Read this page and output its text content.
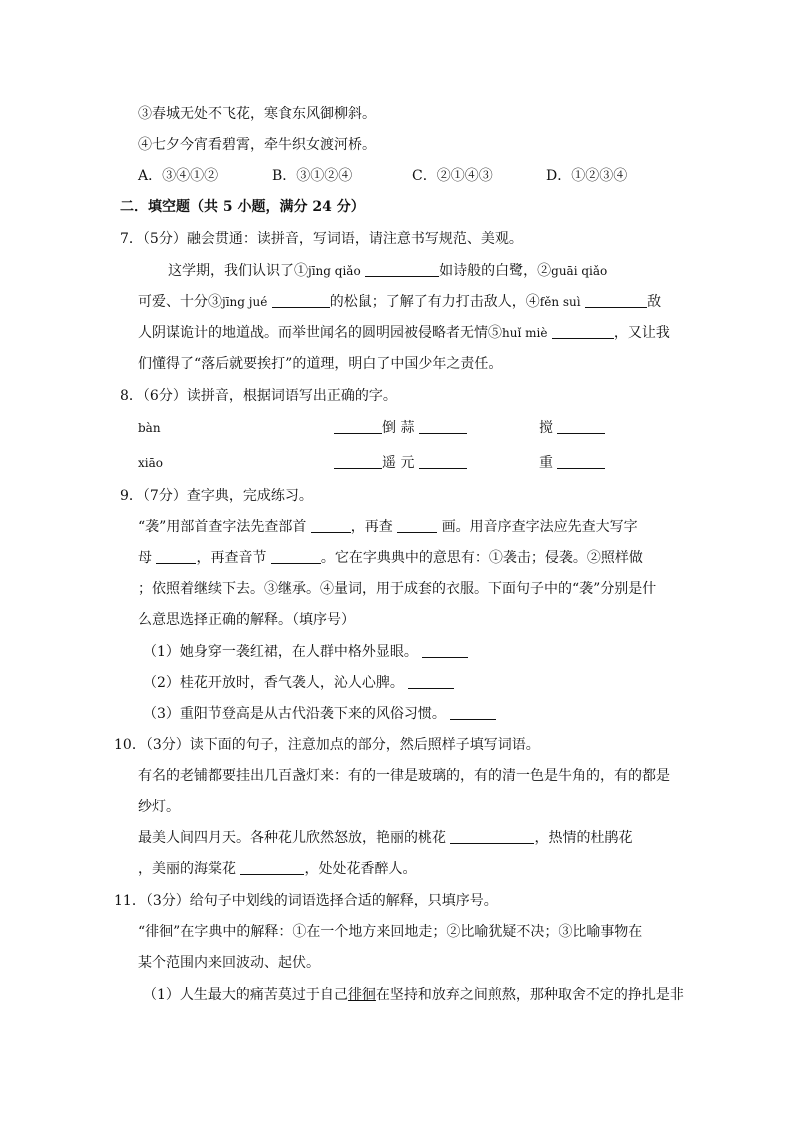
③春城无处不飞花，寒食东风御柳斜。
④七夕今宵看碧霄，牵牛织女渡河桥。
A．③④①②	B．③①②④	C．②①④③	D．①②③④
二．填空题（共 5 小题，满分 24 分）
7．（5分）融会贯通：读拼音，写词语，请注意书写规范、美观。
这学期，我们认识了①jīng qiǎo	如诗般的白鹭，②guāi qiǎo
可爱、十分③jīng jué	的松鼠；了解了有力打击敌人，④fěn suì	敌
人阴谋诡计的地道战。而举世闻名的圆明园被侵略者无情⑤huǐ miè	，又让我
们懂得了“落后就要挨打”的道理，明白了中国少年之责任。
8．（6分）读拼音，根据词语写出正确的字。
bàn	倒 蒜	搅
xiāo	遥 元	重
9．（7分）查字典，完成练习。
“袭”用部首查字法先查部首	，再查	画。用音序查字法应先查大写字
母	，再查音节	。它在字典典中的意思有：①袭击；侵袭。②照样做
；依照着继续下去。③继承。④量词，用于成套的衣服。下面句子中的“袭”分别是什
么意思选择正确的解释。（填序号）
（1）她身穿一袭红裙，在人群中格外显眼。
（2）桂花开放时，香气袭人，沁人心脾。
（3）重阳节登高是从古代沿袭下来的风俗习惯。
10．（3分）读下面的句子，注意加点的部分，然后照样子填写词语。
有名的老铺都要挂出几百盏灯来：有的一律是玻璃的，有的清一色是牛角的，有的都是
纱灯。
最美人间四月天。各种花儿欣然怒放，艳丽的桃花	，热情的杜鹃花
，美丽的海棠花	，处处花香醉人。
11．（3分）给句子中划线的词语选择合适的解释，只填序号。
“徘徊”在字典中的解释：①在一个地方来回地走；②比喻犹疑不决；③比喻事物在
某个范围内来回波动、起伏。
（1）人生最大的痛苦莫过于自己徘徊在坚持和放弃之间煎熬，那种取舍不定的挣扎是非
